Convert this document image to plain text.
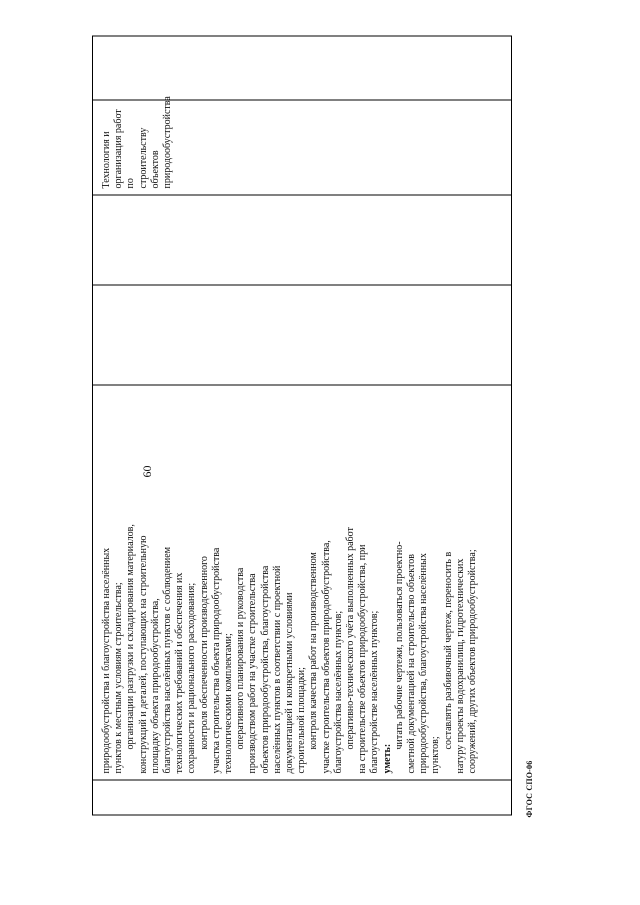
60
природообустройства и благоустройства населённых пунктов к местным условиям строительства; организации разгрузки и складирования материалов, конструкций и деталей, поступающих на строительную площадку объекта природообустройства, благоустройства населённых пунктов с соблюдением технологических требований и обеспечения их сохранности и рационального расходования; контроля обеспеченности производственного участка строительства объекта природообустройства технологическими комплектами; оперативного планирования и руководства производством работ на участке строительства объектов природообустройства, благоустройства населённых пунктов в соответствии с проектной документацией и конкретными условиями строительной площадки; контроля качества работ на производственном участке строительства объектов природообустройства, благоустройства населённых пунктов; оперативно-технического учёта выполненных работ на строительстве объектов природообустройства, при благоустройстве населённых пунктов; уметь:
читать рабочие чертежи, пользоваться проектно- сметной документацией на строительство объектов природообустройства, благоустройства населённых пунктов;
составлять разбивочный чертеж, переносить в натуру проекты водохранилищ, гидротехнических сооружений, других объектов природообустройства;
Технология и
организация работ по
строительству
объектов
природообустройства
ФГОС СПО-06
